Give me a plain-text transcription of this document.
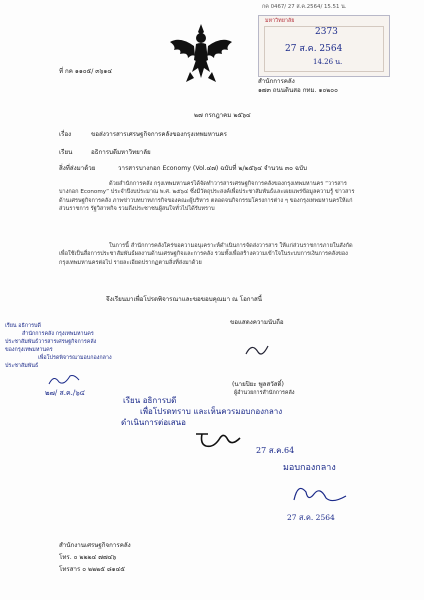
กค 0467/ 27 ส.ค.2564/ 15.51 น.
มหาวิทยาลัย
2373
27 ส.ค. 2564
14.26 น.
ที่ กค ๑๑๐๕/ ๓๖๑๔
สำนักการคลัง
๑๗๓ ถนนดินสอ กทม. ๑๐๒๐๐
๒๗ กรกฎาคม ๒๕๖๔
เรื่อง	ขอส่งวารสารเศรษฐกิจการคลังของกรุงเทพมหานคร
เรียน	อธิการบดีมหาวิทยาลัย
สิ่งที่ส่งมาด้วย	วารสารบางกอก Economy (Vol.๔๗) ฉบับที่ ๒/๒๕๖๔ จำนวน ๓๐ ฉบับ
ด้วยสำนักการคลัง กรุงเทพมหานครได้จัดทำวารสารเศรษฐกิจการคลังของกรุงเทพมหานคร “วารสารบางกอก Economy” ประจำปีงบประมาณ พ.ศ. ๒๕๖๔ ซึ่งมีวัตถุประสงค์เพื่อประชาสัมพันธ์และเผยแพร่ข้อมูลความรู้ ข่าวสารด้านเศรษฐกิจการคลัง ภาพข่าวบทบาทภารกิจของคณะผู้บริหาร ตลอดจนกิจกรรมโครงการต่าง ๆ ของกรุงเทพมหานครให้แก่ส่วนราชการ รัฐวิสาหกิจ รวมถึงประชาชนผู้สนใจทั่วไปได้รับทราบ
ในการนี้ สำนักการคลังใคร่ขอความอนุเคราะห์ดำเนินการจัดส่งวารสาร ให้แก่ส่วนราชการภายในสังกัดเพื่อใช้เป็นสื่อการประชาสัมพันธ์ผลงานด้านเศรษฐกิจและการคลัง รวมทั้งเพื่อสร้างความเข้าใจในระบบการเงินการคลังของกรุงเทพมหานครต่อไป รายละเอียดปรากฏตามสิ่งที่ส่งมาด้วย
จึงเรียนมาเพื่อโปรดพิจารณาและขอขอบคุณมา ณ โอกาสนี้
ขอแสดงความนับถือ
(นายปิยะ พูลสวัสดิ์)
ผู้อำนวยการสำนักการคลัง
เรียน อธิการบดี
สำนักการคลัง กรุงเทพมหานคร
ประชาสัมพันธ์วารสารเศรษฐกิจการคลัง
ของกรุงเทพมหานคร
เพื่อโปรดพิจารณามอบกองกลาง
ประชาสัมพันธ์
๒๗/ ส.ค./๖๔
เรียน อธิการบดี
เพื่อโปรดทราบ และเห็นควรมอบกองกลาง
ดำเนินการต่อเสนอ
27 ส.ค.64
มอบกองกลาง
27 ส.ค. 2564
สำนักงานเศรษฐกิจการคลัง
โทร. ๐ ๒๒๒๔ ๗๗๔๖
โทรสาร ๐ ๒๒๒๕ ๘๑๔๕
